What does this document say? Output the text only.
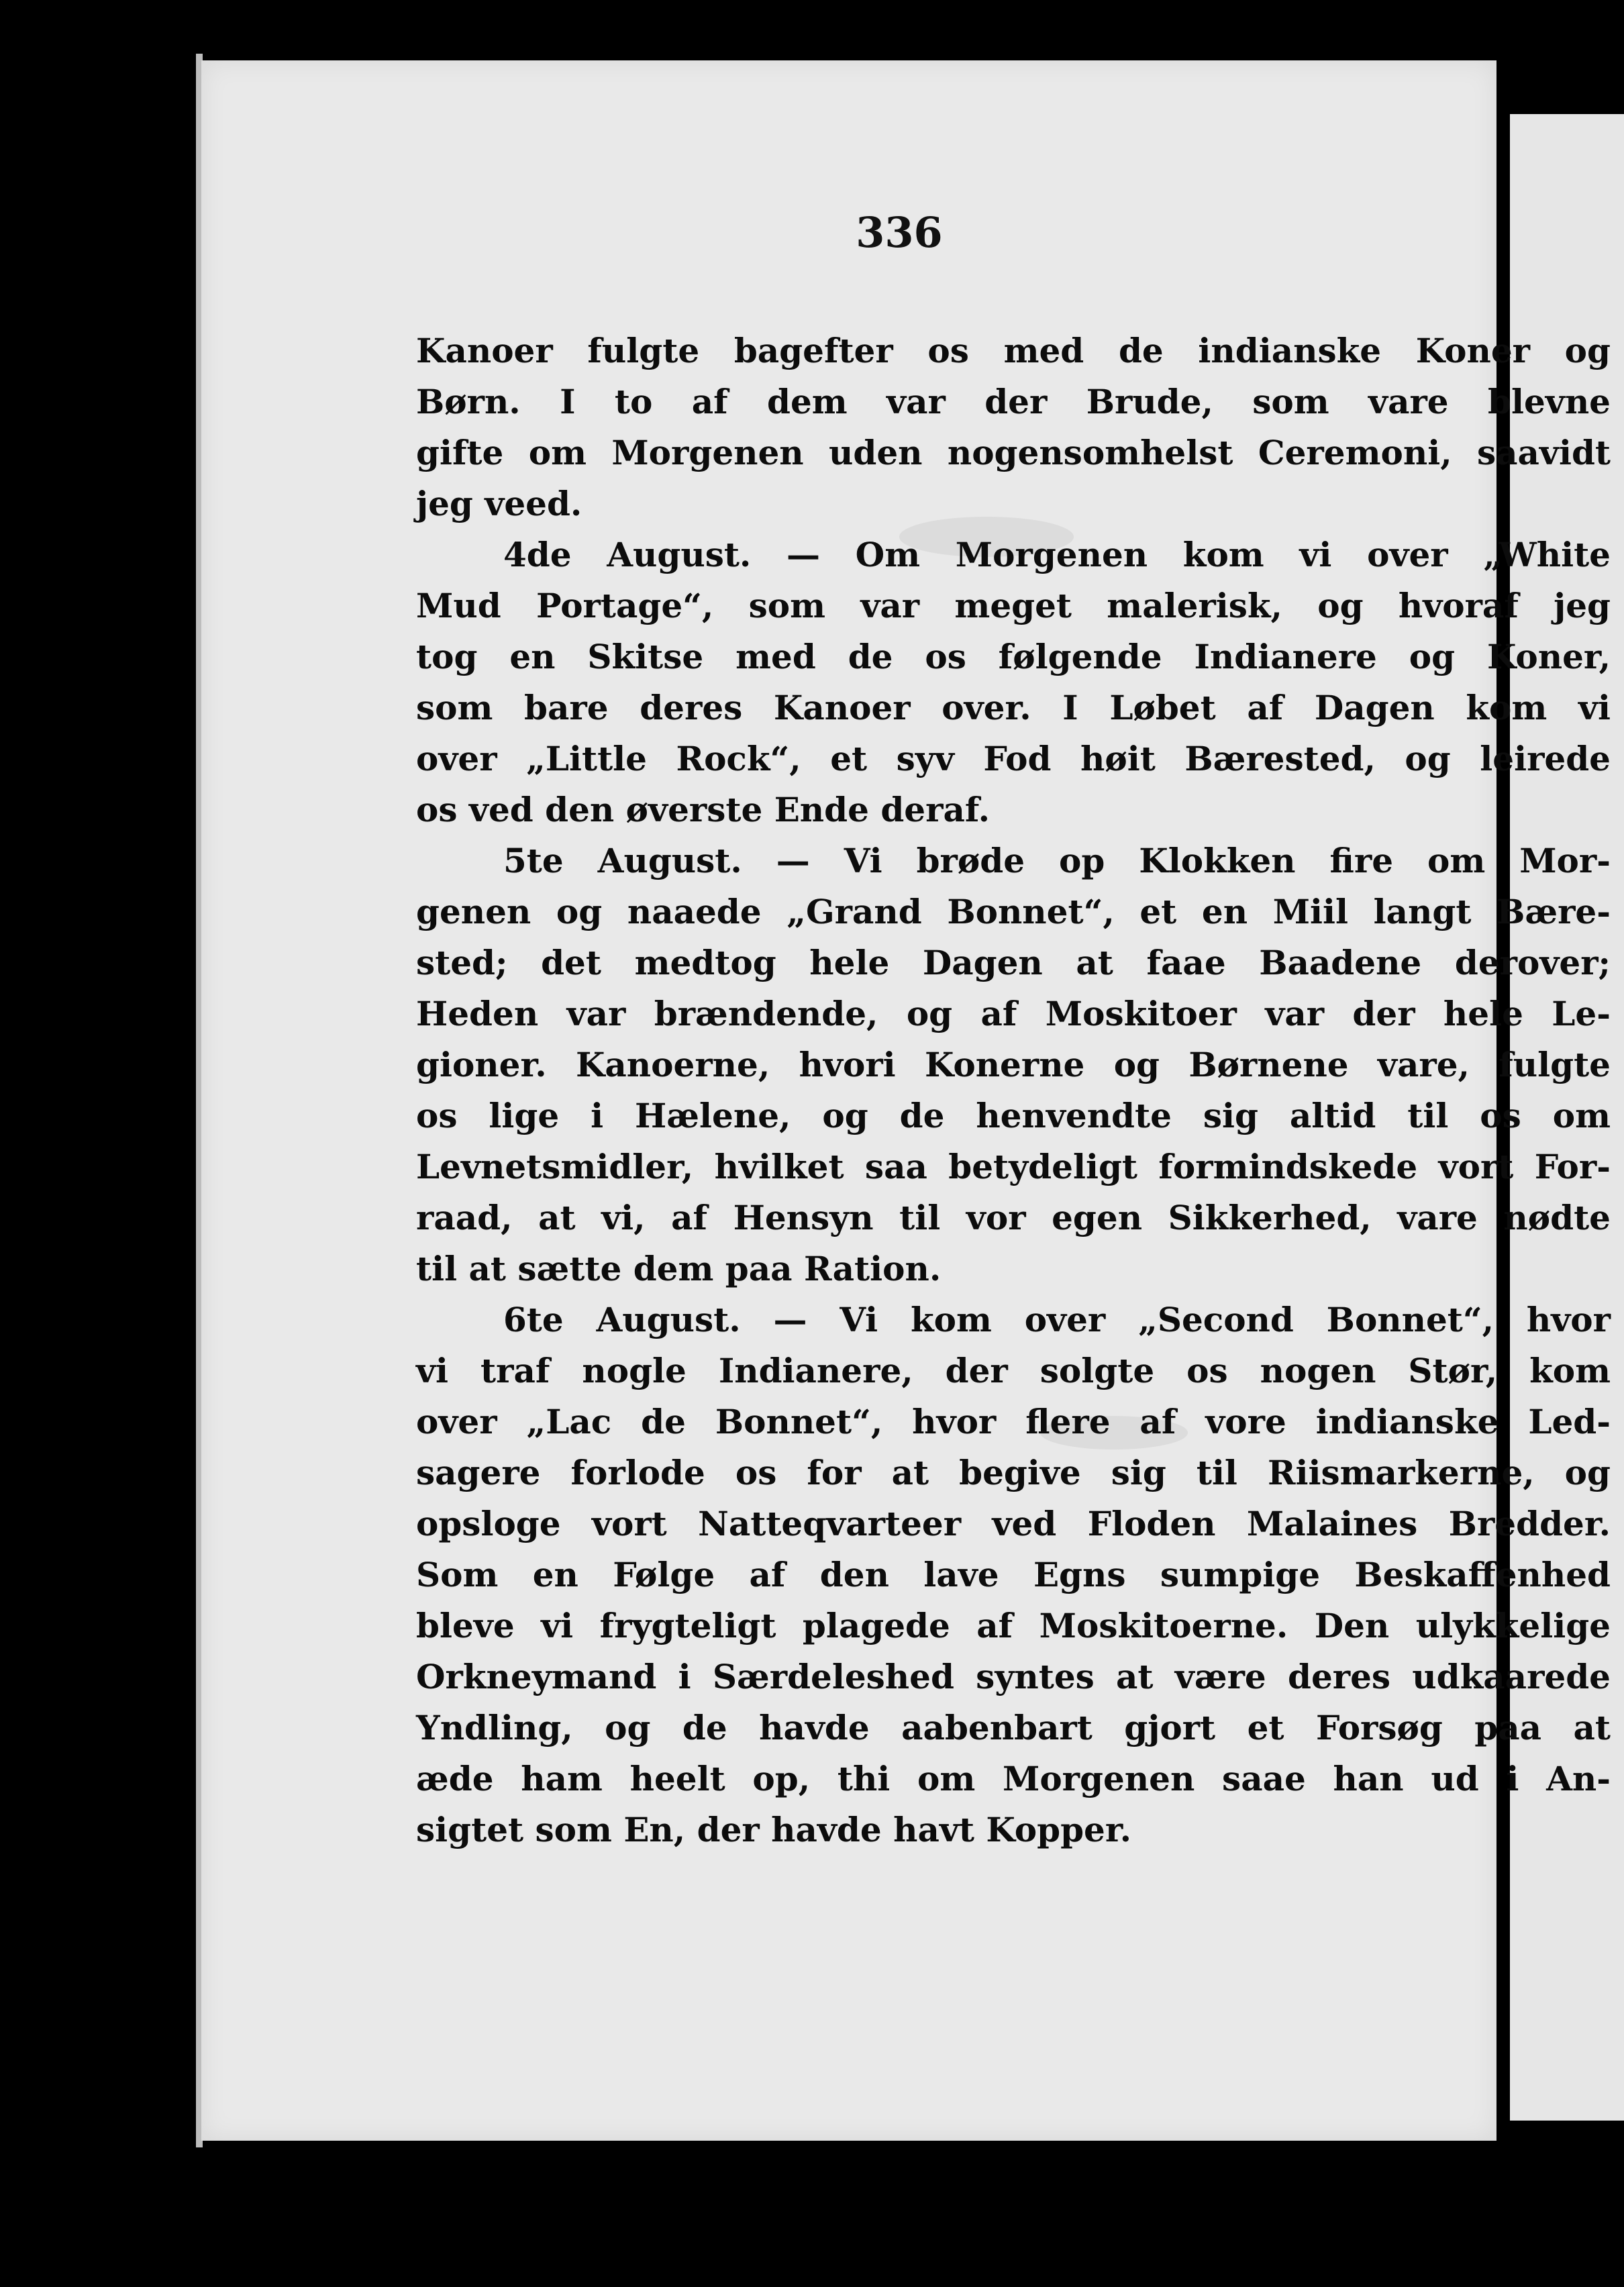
336
Kanoer fulgte bagefter os med de indianske Koner og
Børn. I to af dem var der Brude, som vare blevne
gifte om Morgenen uden nogensomhelst Ceremoni, saavidt
jeg veed.
4de August. — Om Morgenen kom vi over „White
Mud Portage“, som var meget malerisk, og hvoraf jeg
tog en Skitse med de os følgende Indianere og Koner,
som bare deres Kanoer over. I Løbet af Dagen kom vi
over „Little Rock“, et syv Fod høit Bærested, og leirede
os ved den øverste Ende deraf.
5te August. — Vi brøde op Klokken fire om Mor-
genen og naaede „Grand Bonnet“, et en Miil langt Bære-
sted; det medtog hele Dagen at faae Baadene derover;
Heden var brændende, og af Moskitoer var der hele Le-
gioner. Kanoerne, hvori Konerne og Børnene vare, fulgte
os lige i Hælene, og de henvendte sig altid til os om
Levnetsmidler, hvilket saa betydeligt formindskede vort For-
raad, at vi, af Hensyn til vor egen Sikkerhed, vare nødte
til at sætte dem paa Ration.
6te August. — Vi kom over „Second Bonnet“, hvor
vi traf nogle Indianere, der solgte os nogen Stør, kom
over „Lac de Bonnet“, hvor flere af vore indianske Led-
sagere forlode os for at begive sig til Riismarkerne, og
opsloge vort Natteqvarteer ved Floden Malaines Bredder.
Som en Følge af den lave Egns sumpige Beskaffenhed
bleve vi frygteligt plagede af Moskitoerne. Den ulykkelige
Orkneymand i Særdeleshed syntes at være deres udkaarede
Yndling, og de havde aabenbart gjort et Forsøg paa at
æde ham heelt op, thi om Morgenen saae han ud i An-
sigtet som En, der havde havt Kopper.
